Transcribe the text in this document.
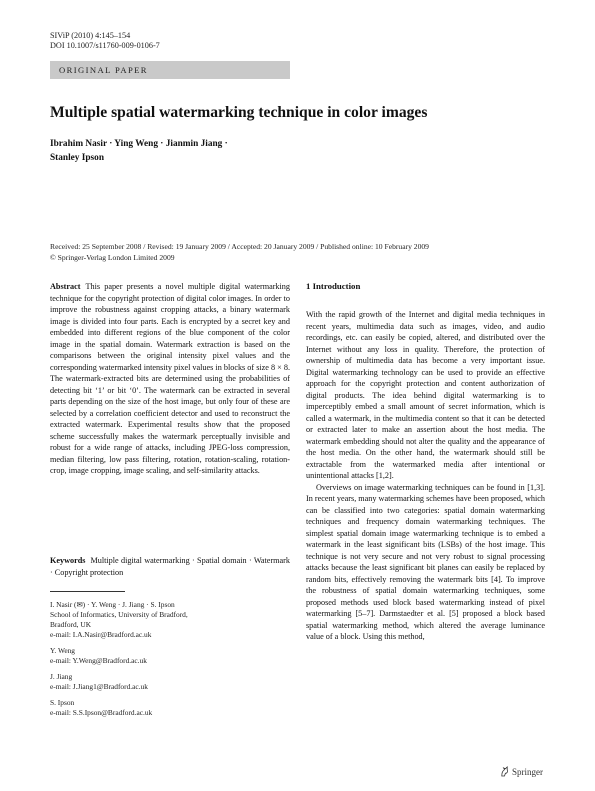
SIViP (2010) 4:145–154
DOI 10.1007/s11760-009-0106-7
ORIGINAL PAPER
Multiple spatial watermarking technique in color images
Ibrahim Nasir · Ying Weng · Jianmin Jiang ·
Stanley Ipson
Received: 25 September 2008 / Revised: 19 January 2009 / Accepted: 20 January 2009 / Published online: 10 February 2009
© Springer-Verlag London Limited 2009
Abstract This paper presents a novel multiple digital watermarking technique for the copyright protection of digital color images. In order to improve the robustness against cropping attacks, a binary watermark image is divided into four parts. Each is encrypted by a secret key and embedded into different regions of the blue component of the color image in the spatial domain. Watermark extraction is based on the comparisons between the original intensity pixel values and the corresponding watermarked intensity pixel values in blocks of size 8 × 8. The watermark-extracted bits are determined using the probabilities of detecting bit ‘1’ or bit ‘0’. The watermark can be extracted in several parts depending on the size of the host image, but only four of these are selected by a correlation coefficient detector and used to reconstruct the extracted watermark. Experimental results show that the proposed scheme successfully makes the watermark perceptually invisible and robust for a wide range of attacks, including JPEG-loss compression, median filtering, low pass filtering, rotation, rotation-scaling, rotation-crop, image cropping, image scaling, and self-similarity attacks.
Keywords Multiple digital watermarking · Spatial domain · Watermark · Copyright protection
I. Nasir (✉) · Y. Weng · J. Jiang · S. Ipson
School of Informatics, University of Bradford,
Bradford, UK
e-mail: I.A.Nasir@Bradford.ac.uk
Y. Weng
e-mail: Y.Weng@Bradford.ac.uk
J. Jiang
e-mail: J.Jiang1@Bradford.ac.uk
S. Ipson
e-mail: S.S.Ipson@Bradford.ac.uk
1 Introduction

With the rapid growth of the Internet and digital media techniques in recent years, multimedia data such as images, video, and audio recordings, etc. can easily be copied, altered, and distributed over the Internet without any loss in quality. Therefore, the protection of ownership of multimedia data has become a very important issue. Digital watermarking technology can be used to provide an effective approach for the copyright protection and content authorization of digital products. The idea behind digital watermarking is to imperceptibly embed a small amount of secret information, which is called a watermark, in the multimedia content so that it can be detected or extracted later to make an assertion about the host media. The watermark embedding should not alter the quality and the appearance of the host media. On the other hand, the watermark should still be extractable from the watermarked media after intentional or unintentional attacks [1,2].

Overviews on image watermarking techniques can be found in [1,3]. In recent years, many watermarking schemes have been proposed, which can be classified into two categories: spatial domain watermarking techniques and frequency domain watermarking techniques. The simplest spatial domain image watermarking technique is to embed a watermark in the least significant bits (LSBs) of the host image. This technique is not very secure and not very robust to signal processing attacks because the least significant bit planes can easily be replaced by random bits, effectively removing the watermark bits [4]. To improve the robustness of spatial domain watermarking techniques, some proposed methods used block based watermarking instead of pixel watermarking [5–7]. Darmstaedter et al. [5] proposed a block based spatial watermarking method, which altered the average luminance value of a block. Using this method,

Springer
